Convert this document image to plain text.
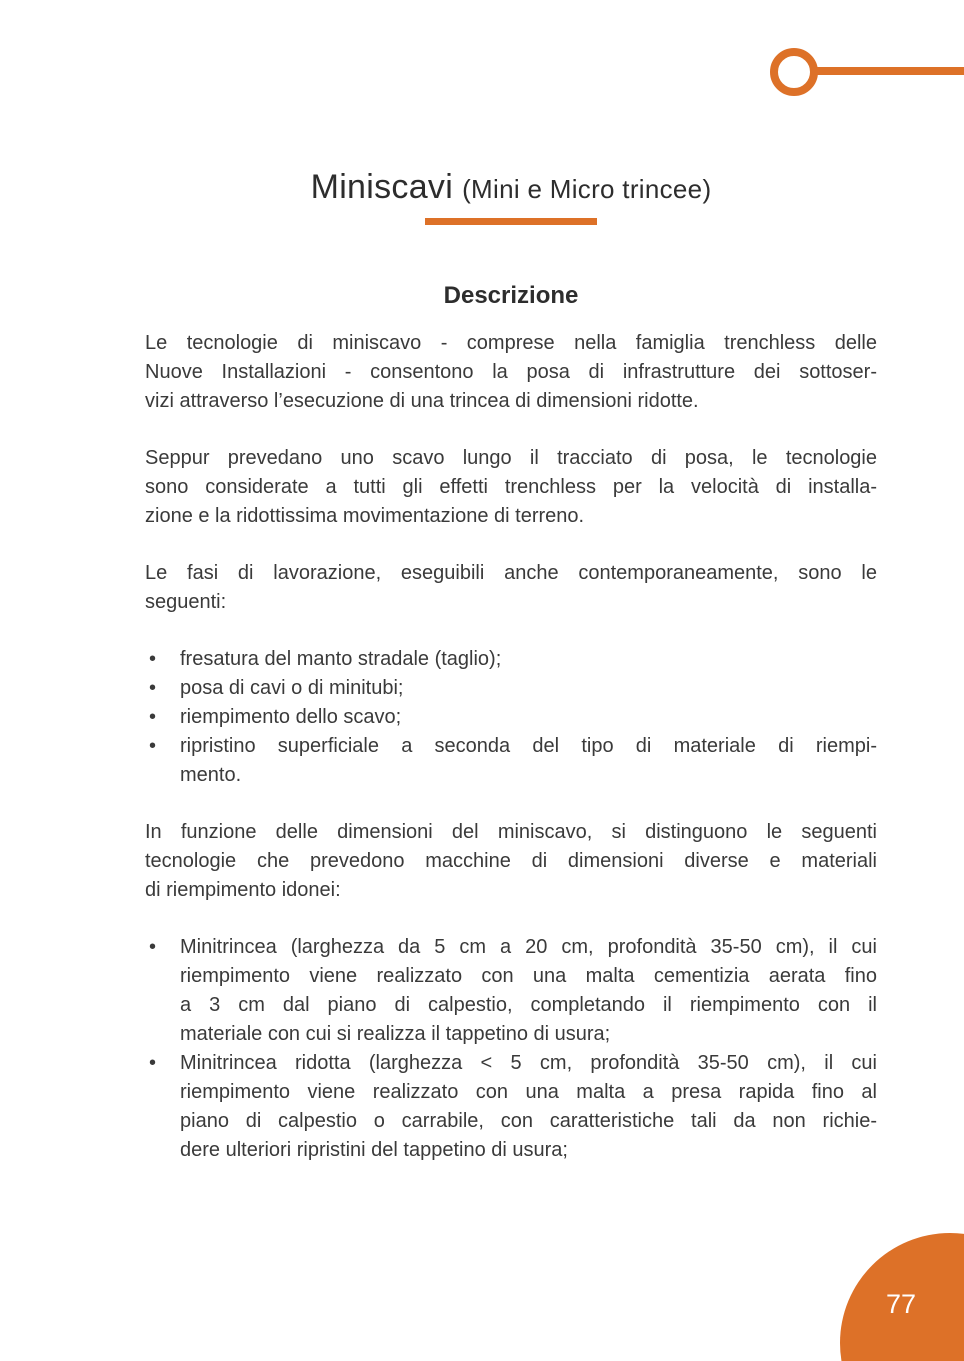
Miniscavi (Mini e Micro trincee)
Descrizione
Le tecnologie di miniscavo - comprese nella famiglia trenchless delle
Nuove Installazioni - consentono la posa di infrastrutture dei sottoser-
vizi attraverso l’esecuzione di una trincea di dimensioni ridotte.
Seppur prevedano uno scavo lungo il tracciato di posa, le tecnologie
sono considerate a tutti gli effetti trenchless per la velocità di installa-
zione e la ridottissima movimentazione di terreno.
Le fasi di lavorazione, eseguibili anche contemporaneamente, sono le
seguenti:
•	fresatura del manto stradale (taglio);
•	posa di cavi o di minitubi;
•	riempimento dello scavo;
•	ripristino superficiale a seconda del tipo di materiale di riempi-
mento.
In funzione delle dimensioni del miniscavo, si distinguono le seguenti
tecnologie che prevedono macchine di dimensioni diverse e materiali
di riempimento idonei:
•	Minitrincea (larghezza da 5 cm a 20 cm, profondità 35-50 cm), il cui
riempimento viene realizzato con una malta cementizia aerata fino
a 3 cm dal piano di calpestio, completando il riempimento con il
materiale con cui si realizza il tappetino di usura;
•	Minitrincea ridotta (larghezza < 5 cm, profondità 35-50 cm), il cui
riempimento viene realizzato con una malta a presa rapida fino al
piano di calpestio o carrabile, con caratteristiche tali da non richie-
dere ulteriori ripristini del tappetino di usura;
77
